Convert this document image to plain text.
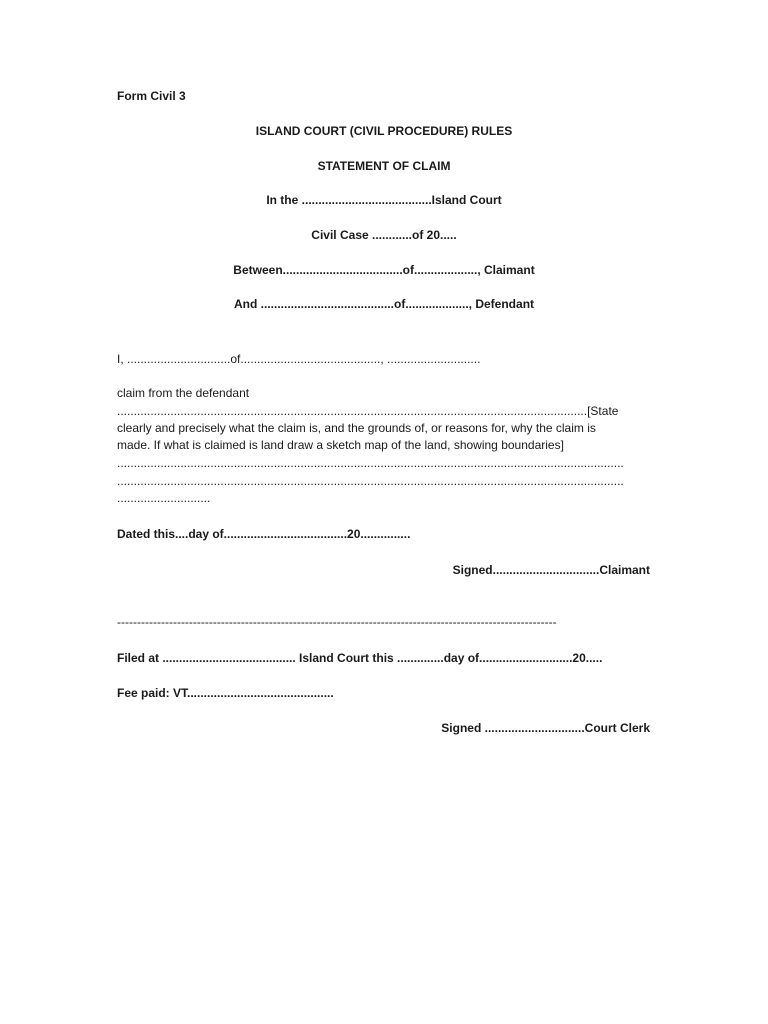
Form Civil 3
ISLAND COURT (CIVIL PROCEDURE) RULES
STATEMENT OF CLAIM
In the .......................................Island Court
Civil Case ............of 20.....
Between....................................of..................., Claimant
And ........................................of..................., Defendant
I, ...............................of.........................................., ............................
claim from the defendant
.............................................................................................................................................[State
clearly and precisely what the claim is, and the grounds of, or reasons for, why the claim is
made. If what is claimed is land draw a sketch map of the land, showing boundaries]
........................................................................................................................................................
........................................................................................................................................................
............................
Dated this....day of.....................................20...............
Signed................................Claimant
--------------------------------------------------------------------------------------------------------------
Filed at ........................................ Island Court this ..............day of............................20.....
Fee paid: VT............................................
Signed ..............................Court Clerk
